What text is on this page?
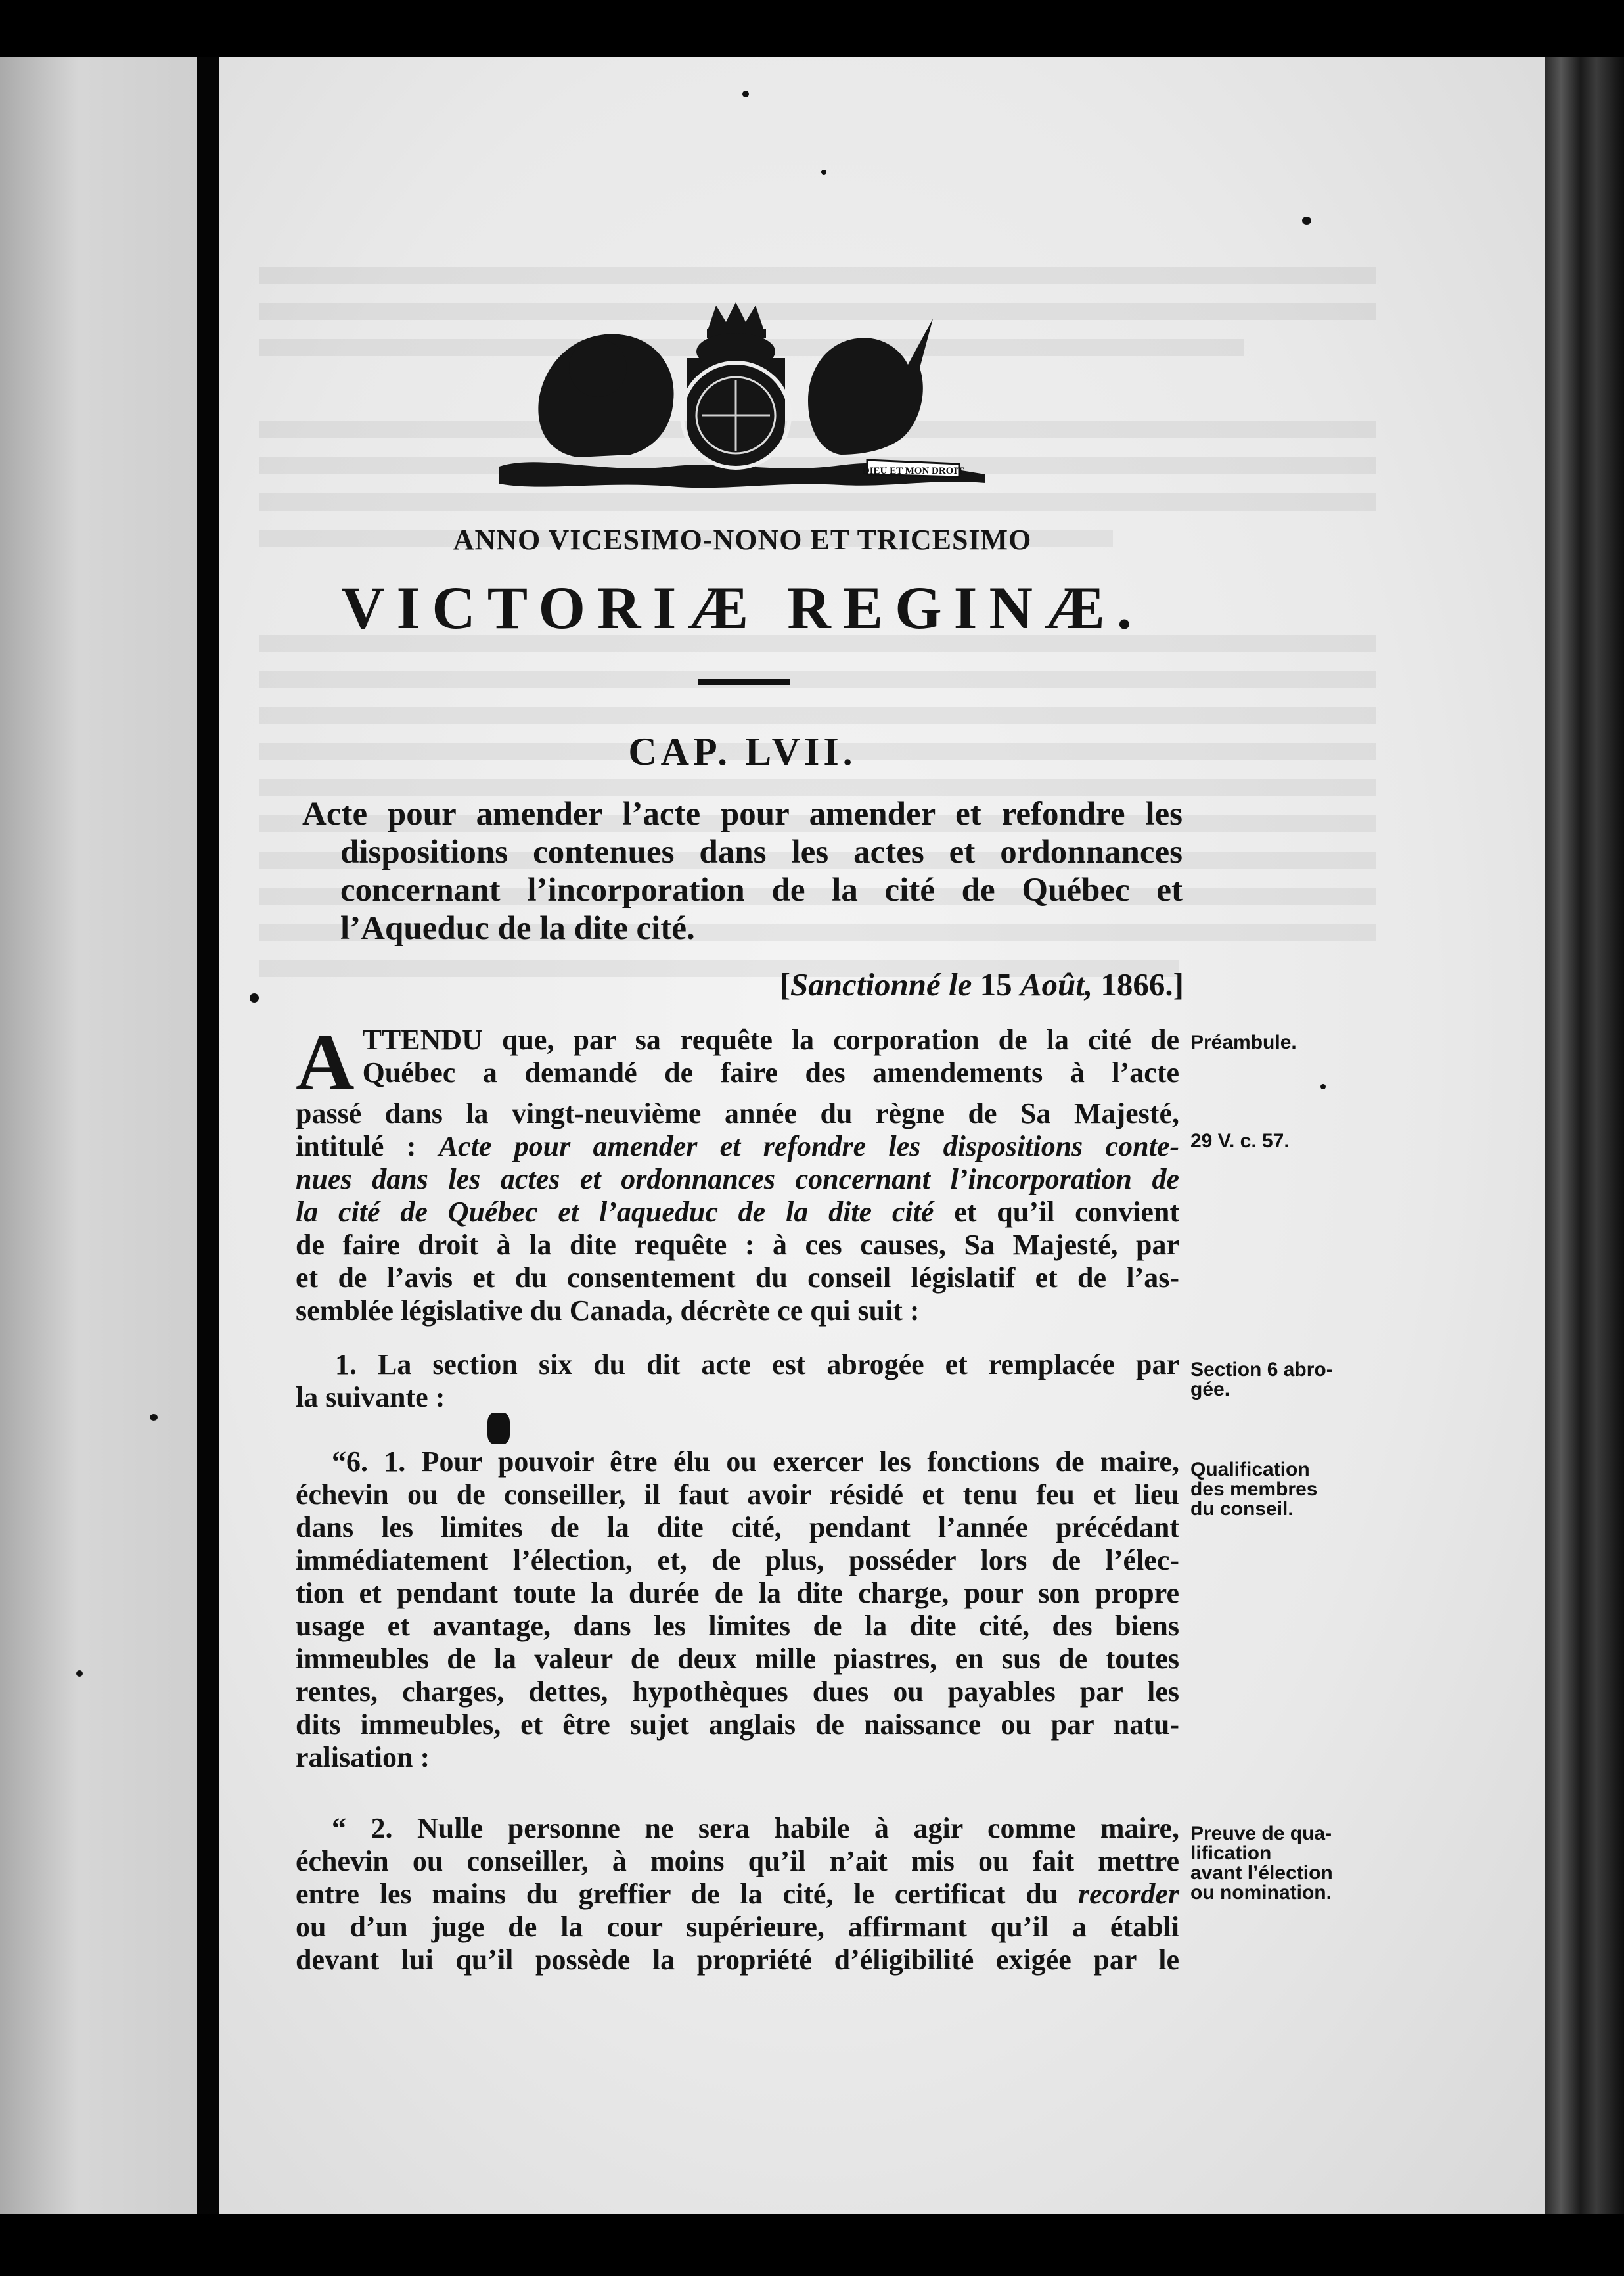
DIEU ET MON DROIT
ANNO VICESIMO-NONO ET TRICESIMO
VICTORIÆ REGINÆ.
CAP. LVII.
Acte pour amender l’acte pour amender et refondre les
dispositions contenues dans les actes et ordonnances
concernant l’incorporation de la cité de Québec et
l’Aqueduc de la dite cité.
[Sanctionné le 15 Août, 1866.]
A TTENDU que, par sa requête la corporation de la cité de
Québec a demandé de faire des amendements à l’acte
passé dans la vingt-neuvième année du règne de Sa Majesté,
intitulé : Acte pour amender et refondre les dispositions conte-
nues dans les actes et ordonnances concernant l’incorporation de
la cité de Québec et l’aqueduc de la dite cité et qu’il convient
de faire droit à la dite requête : à ces causes, Sa Majesté, par
et de l’avis et du consentement du conseil législatif et de l’as-
semblée législative du Canada, décrète ce qui suit :
1. La section six du dit acte est abrogée et remplacée par
la suivante :
“6. 1. Pour pouvoir être élu ou exercer les fonctions de maire,
échevin ou de conseiller, il faut avoir résidé et tenu feu et lieu
dans les limites de la dite cité, pendant l’année précédant
immédiatement l’élection, et, de plus, posséder lors de l’élec-
tion et pendant toute la durée de la dite charge, pour son propre
usage et avantage, dans les limites de la dite cité, des biens
immeubles de la valeur de deux mille piastres, en sus de toutes
rentes, charges, dettes, hypothèques dues ou payables par les
dits immeubles, et être sujet anglais de naissance ou par natu-
ralisation :
“ 2. Nulle personne ne sera habile à agir comme maire,
échevin ou conseiller, à moins qu’il n’ait mis ou fait mettre
entre les mains du greffier de la cité, le certificat du recorder
ou d’un juge de la cour supérieure, affirmant qu’il a établi
devant lui qu’il possède la propriété d’éligibilité exigée par le
Préambule.
29 V. c. 57.
Section 6 abro-
gée.
Qualification
des membres
du conseil.
Preuve de qua-
lification
avant l’élection
ou nomination.
